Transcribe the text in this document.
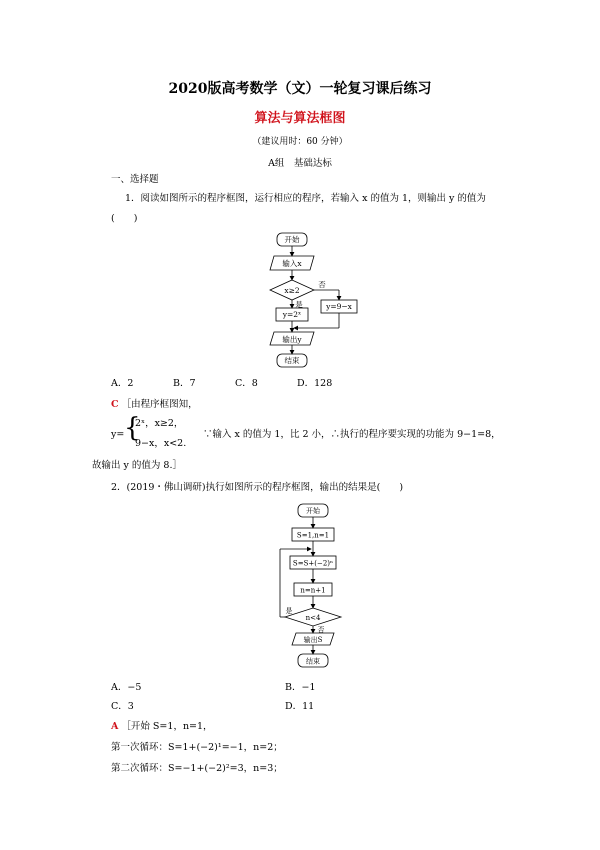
2020版高考数学（文）一轮复习课后练习
算法与算法框图
（建议用时：60 分钟）
A组　基础达标
一、选择题
1．阅读如图所示的程序框图，运行相应的程序，若输入 x 的值为 1，则输出 y 的值为
(　　)
开始
输入x
x≥2
否
是
y=2ˣ
y=9−x
输出y
结束
A．2	B．7	C．8	D．128
C ［由程序框图知，
y= {
2ˣ，x≥2，
9−x，x<2.
∵输入 x 的值为 1，比 2 小，∴执行的程序要实现的功能为 9−1=8，
故输出 y 的值为 8.］
2．(2019・佛山调研)执行如图所示的程序框图，输出的结果是(　　)
开始
S=1,n=1
S=S+(−2)ⁿ
n=n+1
n<4
是
否
输出S
结束
A．−5	B．−1
C．3	D．11
A ［开始 S=1，n=1，
第一次循环：S=1+(−2)¹=−1，n=2；
第二次循环：S=−1+(−2)²=3，n=3；
